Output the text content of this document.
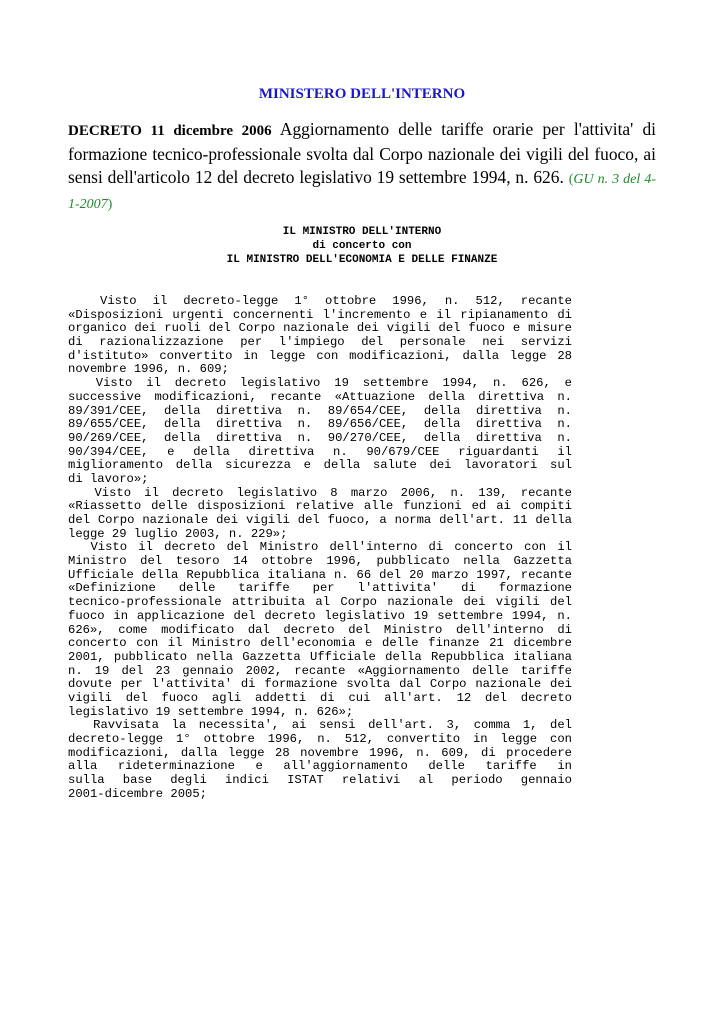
MINISTERO DELL'INTERNO

DECRETO 11 dicembre 2006 Aggiornamento delle tariffe orarie per l'attivita' di formazione tecnico-professionale svolta dal Corpo nazionale dei vigili del fuoco, ai sensi dell'articolo 12 del decreto legislativo 19 settembre 1994, n. 626. (GU n. 3 del 4-1-2007)

IL MINISTRO DELL'INTERNO

di concerto con

IL MINISTRO DELL'ECONOMIA E DELLE FINANZE

Visto il decreto-legge 1° ottobre 1996, n. 512, recante
«Disposizioni urgenti concernenti l'incremento e il ripianamento di
organico dei ruoli del Corpo nazionale dei vigili del fuoco e misure
di razionalizzazione per l'impiego del personale nei servizi
d'istituto» convertito in legge con modificazioni, dalla legge 28
novembre 1996, n. 609;
Visto il decreto legislativo 19 settembre 1994, n. 626, e
successive modificazioni, recante «Attuazione della direttiva n.
89/391/CEE, della direttiva n. 89/654/CEE, della direttiva n.
89/655/CEE, della direttiva n. 89/656/CEE, della direttiva n.
90/269/CEE, della direttiva n. 90/270/CEE, della direttiva n.
90/394/CEE, e della direttiva n. 90/679/CEE riguardanti il
miglioramento della sicurezza e della salute dei lavoratori sul
di lavoro»;
Visto il decreto legislativo 8 marzo 2006, n. 139, recante
«Riassetto delle disposizioni relative alle funzioni ed ai compiti
del Corpo nazionale dei vigili del fuoco, a norma dell'art. 11 della
legge 29 luglio 2003, n. 229»;
Visto il decreto del Ministro dell'interno di concerto con il
Ministro del tesoro 14 ottobre 1996, pubblicato nella Gazzetta
Ufficiale della Repubblica italiana n. 66 del 20 marzo 1997, recante
«Definizione delle tariffe per l'attivita' di formazione
tecnico-professionale attribuita al Corpo nazionale dei vigili del
fuoco in applicazione del decreto legislativo 19 settembre 1994, n.
626», come modificato dal decreto del Ministro dell'interno di
concerto con il Ministro dell'economia e delle finanze 21 dicembre
2001, pubblicato nella Gazzetta Ufficiale della Repubblica italiana
n. 19 del 23 gennaio 2002, recante «Aggiornamento delle tariffe
dovute per l'attivita' di formazione svolta dal Corpo nazionale dei
vigili del fuoco agli addetti di cui all'art. 12 del decreto
legislativo 19 settembre 1994, n. 626»;
Ravvisata la necessita', ai sensi dell'art. 3, comma 1, del
decreto-legge 1° ottobre 1996, n. 512, convertito in legge con
modificazioni, dalla legge 28 novembre 1996, n. 609, di procedere
alla rideterminazione e all'aggiornamento delle tariffe in
sulla base degli indici ISTAT relativi al periodo gennaio
2001-dicembre 2005;
